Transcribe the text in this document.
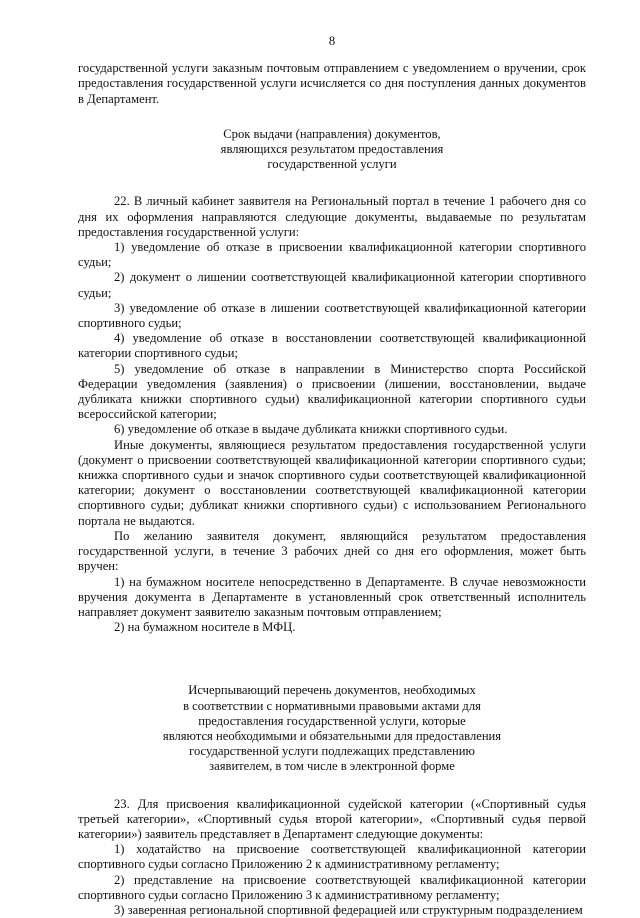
8

государственной услуги заказным почтовым отправлением с уведомлением о вручении, срок предоставления государственной услуги исчисляется со дня поступления данных документов в Департамент.

Срок выдачи (направления) документов,
являющихся результатом предоставления
государственной услуги

22. В личный кабинет заявителя на Региональный портал в течение 1 рабочего дня со дня их оформления направляются следующие документы, выдаваемые по результатам предоставления государственной услуги:

1) уведомление об отказе в присвоении квалификационной категории спортивного судьи;

2) документ о лишении соответствующей квалификационной категории спортивного судьи;

3) уведомление об отказе в лишении соответствующей квалификационной категории спортивного судьи;

4) уведомление об отказе в восстановлении соответствующей квалификационной категории спортивного судьи;

5) уведомление об отказе в направлении в Министерство спорта Российской Федерации уведомления (заявления) о присвоении (лишении, восстановлении, выдаче дубликата книжки спортивного судьи) квалификационной категории спортивного судьи всероссийской категории;

6) уведомление об отказе в выдаче дубликата книжки спортивного судьи.

Иные документы, являющиеся результатом предоставления государственной услуги (документ о присвоении соответствующей квалификационной категории спортивного судьи; книжка спортивного судьи и значок спортивного судьи соответствующей квалификационной категории; документ о восстановлении соответствующей квалификационной категории спортивного судьи; дубликат книжки спортивного судьи) с использованием Регионального портала не выдаются.

По желанию заявителя документ, являющийся результатом предоставления государственной услуги, в течение 3 рабочих дней со дня его оформления, может быть вручен:

1) на бумажном носителе непосредственно в Департаменте. В случае невозможности вручения документа в Департаменте в установленный срок ответственный исполнитель направляет документ заявителю заказным почтовым отправлением;

2) на бумажном носителе в МФЦ.

Исчерпывающий перечень документов, необходимых
в соответствии с нормативными правовыми актами для
предоставления государственной услуги, которые
являются необходимыми и обязательными для предоставления
государственной услуги подлежащих представлению
заявителем, в том числе в электронной форме

23. Для присвоения квалификационной судейской категории («Спортивный судья третьей категории», «Спортивный судья второй категории», «Спортивный судья первой категории») заявитель представляет в Департамент следующие документы:

1) ходатайство на присвоение соответствующей квалификационной категории спортивного судьи согласно Приложению 2 к административному регламенту;

2) представление на присвоение соответствующей квалификационной категории спортивного судьи согласно Приложению 3 к административному регламенту;

3) заверенная региональной спортивной федерацией или структурным подразделением
